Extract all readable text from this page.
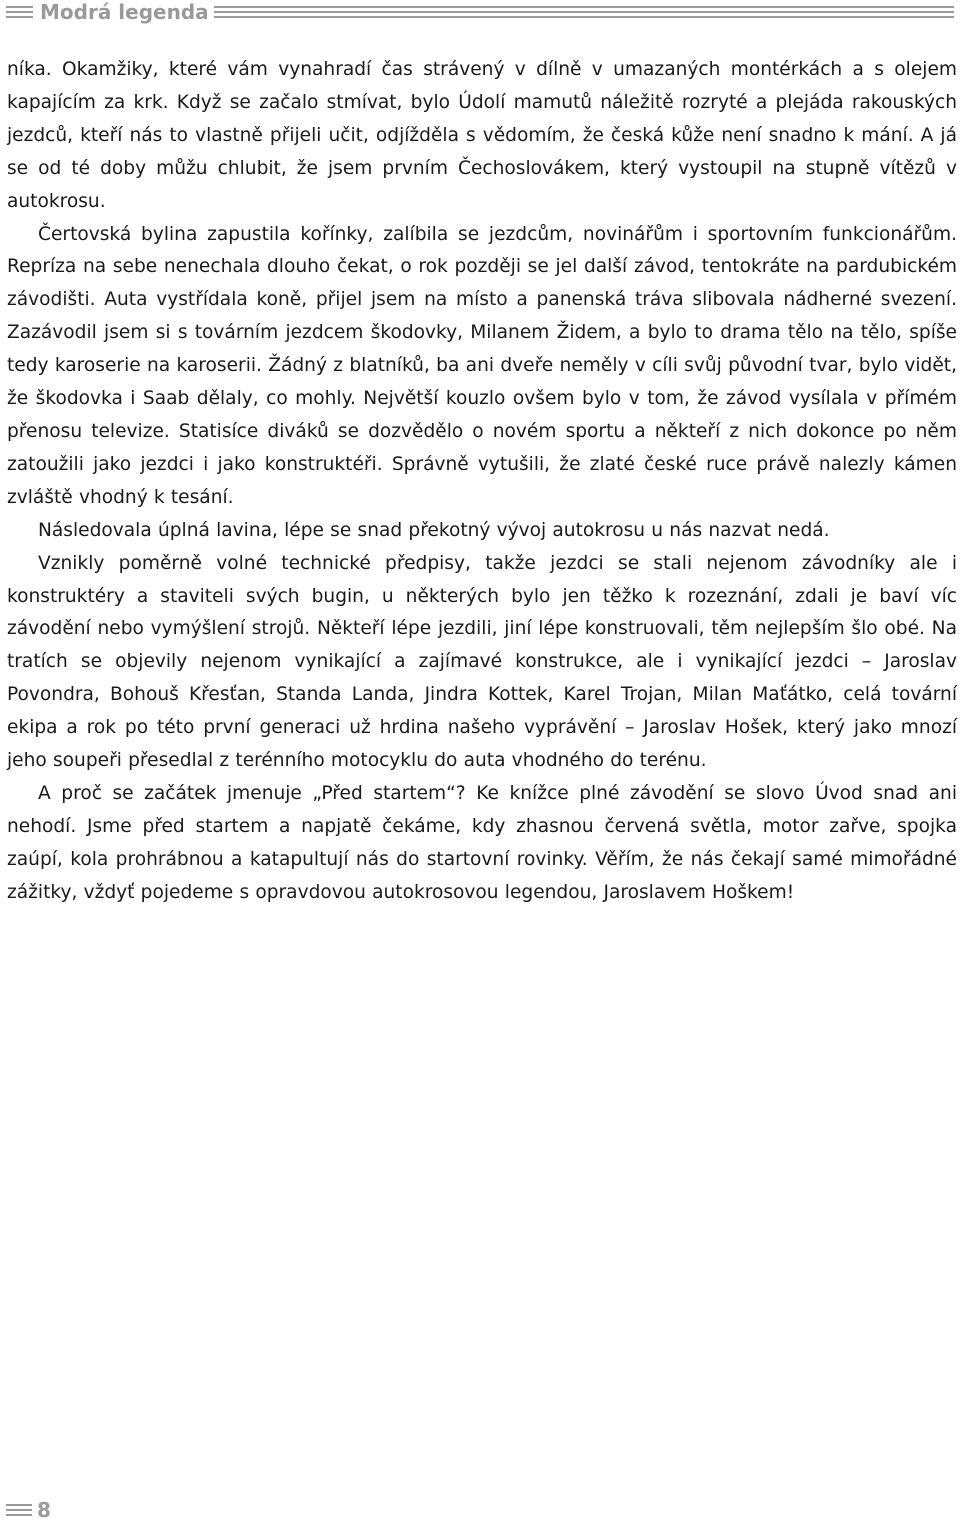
Modrá legenda

níka. Okamžiky, které vám vynahradí čas strávený v dílně v umazaných montérkách a s olejem kapajícím za krk. Když se začalo stmívat, bylo Údolí mamutů náležitě rozryté a plejáda rakouských jezdců, kteří nás to vlastně přijeli učit, odjížděla s vědomím, že česká kůže není snadno k mání. A já se od té doby můžu chlubit, že jsem prvním Čechoslovákem, který vystoupil na stupně vítězů v autokrosu.

Čertovská bylina zapustila kořínky, zalíbila se jezdcům, novinářům i sportovním funkcionářům. Repríza na sebe nenechala dlouho čekat, o rok později se jel další závod, tentokráte na pardubickém závodišti. Auta vystřídala koně, přijel jsem na místo a panenská tráva slibovala nádherné svezení. Zazávodil jsem si s továrním jezdcem škodovky, Milanem Židem, a bylo to drama tělo na tělo, spíše tedy karoserie na karoserii. Žádný z blatníků, ba ani dveře neměly v cíli svůj původní tvar, bylo vidět, že škodovka i Saab dělaly, co mohly. Největší kouzlo ovšem bylo v tom, že závod vysílala v přímém přenosu televize. Statisíce diváků se dozvědělo o novém sportu a někteří z nich dokonce po něm zatoužili jako jezdci i jako konstruktéři. Správně vytušili, že zlaté české ruce právě nalezly kámen zvláště vhodný k tesání.

Následovala úplná lavina, lépe se snad překotný vývoj autokrosu u nás nazvat nedá.

Vznikly poměrně volné technické předpisy, takže jezdci se stali nejenom závodníky ale i konstruktéry a staviteli svých bugin, u některých bylo jen těžko k rozeznání, zdali je baví víc závodění nebo vymýšlení strojů. Někteří lépe jezdili, jiní lépe konstruovali, těm nejlepším šlo obé. Na tratích se objevily nejenom vynikající a zajímavé konstrukce, ale i vynikající jezdci – Jaroslav Povondra, Bohouš Křesťan, Standa Landa, Jindra Kottek, Karel Trojan, Milan Maťátko, celá tovární ekipa a rok po této první generaci už hrdina našeho vyprávění – Jaroslav Hošek, který jako mnozí jeho soupeři přesedlal z terénního motocyklu do auta vhodného do terénu.

A proč se začátek jmenuje „Před startem“? Ke knížce plné závodění se slovo Úvod snad ani nehodí. Jsme před startem a napjatě čekáme, kdy zhasnou červená světla, motor zařve, spojka zaúpí, kola prohrábnou a katapultují nás do startovní rovinky. Věřím, že nás čekají samé mimořádné zážitky, vždyť pojedeme s opravdovou autokrosovou legendou, Jaroslavem Hoškem!

8
